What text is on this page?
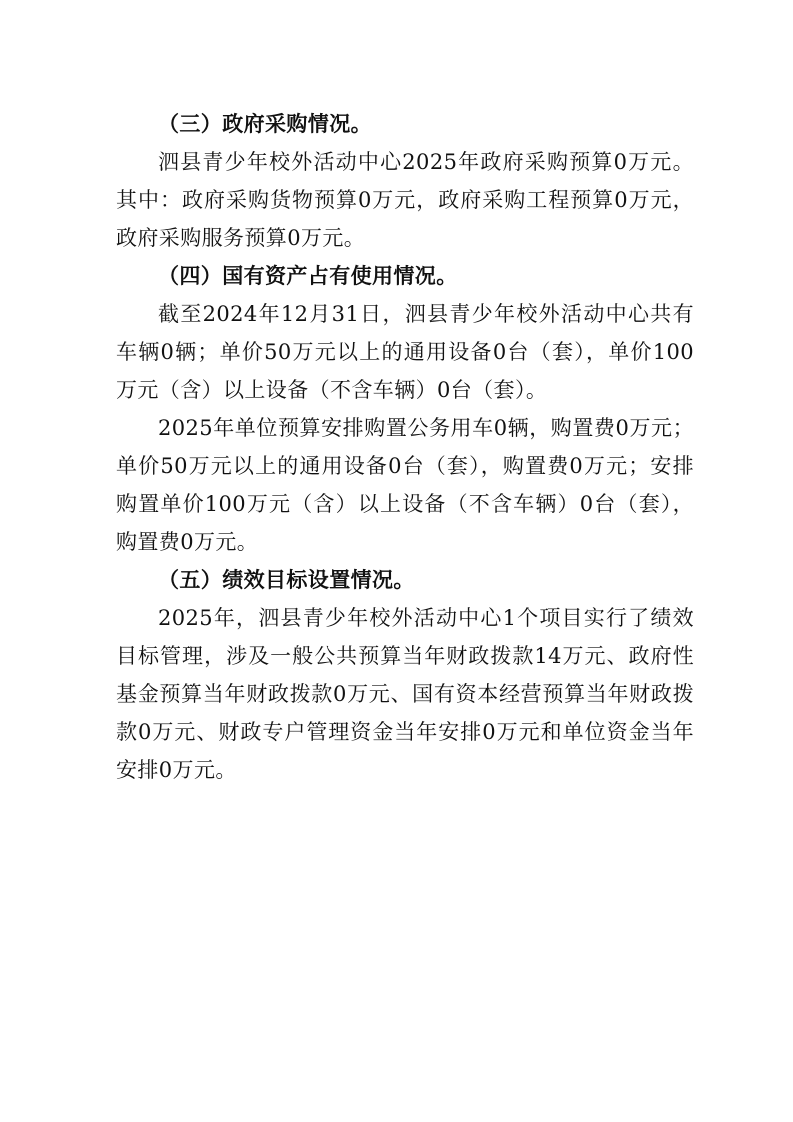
（三）政府采购情况。

泗县青少年校外活动中心2025年政府采购预算0万元。其中：政府采购货物预算0万元，政府采购工程预算0万元，政府采购服务预算0万元。

（四）国有资产占有使用情况。

截至2024年12月31日，泗县青少年校外活动中心共有车辆0辆；单价50万元以上的通用设备0台（套），单价100万元（含）以上设备（不含车辆）0台（套）。

2025年单位预算安排购置公务用车0辆，购置费0万元；单价50万元以上的通用设备0台（套），购置费0万元；安排购置单价100万元（含）以上设备（不含车辆）0台（套），购置费0万元。

（五）绩效目标设置情况。

2025年，泗县青少年校外活动中心1个项目实行了绩效目标管理，涉及一般公共预算当年财政拨款14万元、政府性基金预算当年财政拨款0万元、国有资本经营预算当年财政拨款0万元、财政专户管理资金当年安排0万元和单位资金当年安排0万元。
